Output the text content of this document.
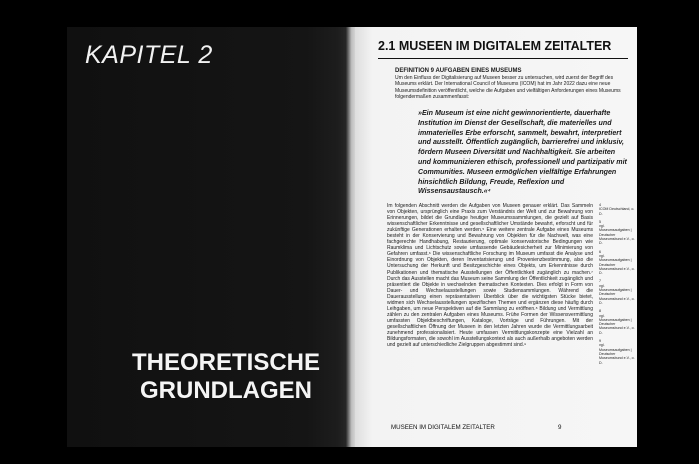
KAPITEL 2
THEORETISCHE
GRUNDLAGEN
2.1 MUSEEN IM DIGITALEM ZEITALTER
DEFINITION 9 AUFGABEN EINES MUSEUMS

Um den Einfluss der Digitalisierung auf Museen besser zu untersuchen, wird zuerst der Begriff des Museums erklärt. Der International Council of Museums (ICOM) hat im Jahr 2022 dazu eine neue Museumsdefinition veröffentlicht, welche die Aufgaben und vielfältigen Anforderungen eines Museums folgendermaßen zusammenfasst:

»Ein Museum ist eine nicht gewinnorientierte, dauerhafte Institution im Dienst der Gesellschaft, die materielles und immaterielles Erbe erforscht, sammelt, bewahrt, interpretiert und ausstellt. Öffentlich zugänglich, barrierefrei und inklusiv, fördern Museen Diversität und Nachhaltigkeit. Sie arbeiten und kommunizieren ethisch, professionell und partizipativ mit Communities. Museen ermöglichen vielfältige Erfahrungen hinsichtlich Bildung, Freude, Reflexion und Wissensaustausch.«⁴

Im folgenden Abschnitt werden die Aufgaben von Museen genauer erklärt. Das Sammeln von Objekten, ursprünglich eine Praxis zum Verständnis der Welt und zur Bewahrung von Erinnerungen, bildet die Grundlage heutiger Museumssammlungen, die gezielt auf Basis wissenschaftlicher Erkenntnisse und gesellschaftlicher Umstände bewahrt, erforscht und für zukünftige Generationen erhalten werden.⁵ Eine weitere zentrale Aufgabe eines Museums besteht in der Konservierung und Bewahrung von Objekten für die Nachwelt, was eine fachgerechte Handhabung, Restaurierung, optimale konservatorische Bedingungen wie Raumklima und Lichtschutz sowie umfassende Gebäudesicherheit zur Minimierung von Gefahren umfasst.⁶ Die wissenschaftliche Forschung im Museum umfasst die Analyse und Einordnung von Objekten, deren Inventarisierung und Provenienzbestimmung, also die Untersuchung der Herkunft und Besitzgeschichte eines Objekts, um Erkenntnisse durch Publikationen und thematische Ausstellungen der Öffentlichkeit zugänglich zu machen.⁷ Durch das Ausstellen macht das Museum seine Sammlung der Öffentlichkeit zugänglich und präsentiert die Objekte in wechselnden thematischen Kontexten. Dies erfolgt in Form von Dauer- und Wechselausstellungen sowie Studiensammlungen. Während die Dauerausstellung einen repräsentativen Überblick über die wichtigsten Stücke bietet, widmen sich Wechselausstellungen spezifischen Themen und ergänzen diese häufig durch Leihgaben, um neue Perspektiven auf die Sammlung zu eröffnen.⁸ Bildung und Vermittlung zählen zu den zentralen Aufgaben eines Museums. Frühe Formen der Wissensvermittlung umfassten Objektbeschriftungen, Kataloge, Vorträge und Führungen. Mit der gesellschaftlichen Öffnung der Museen in den letzten Jahren wurde die Vermittlungsarbeit zunehmend professionalisiert. Heute umfassen Vermittlungskonzepte eine Vielzahl an Bildungsformaten, die sowohl im Ausstellungskontext als auch außerhalb angeboten werden und gezielt auf unterschiedliche Zielgruppen abgestimmt sind.⁹

4
ICOM Deutschland, o. D.
5
vgl. Museumsaufgaben | Deutscher Museumsbund e.V., o. D.
6
vgl. Museumsaufgaben | Deutscher Museumsbund e.V., o. D.
7
vgl. Museumsaufgaben | Deutscher Museumsbund e.V., o. D.
8
vgl. Museumsaufgaben | Deutscher Museumsbund e.V., o. D.
9
vgl. Museumsaufgaben | Deutscher Museumsbund e.V., o. D.
MUSEEN IM DIGITALEM ZEITALTER	9
